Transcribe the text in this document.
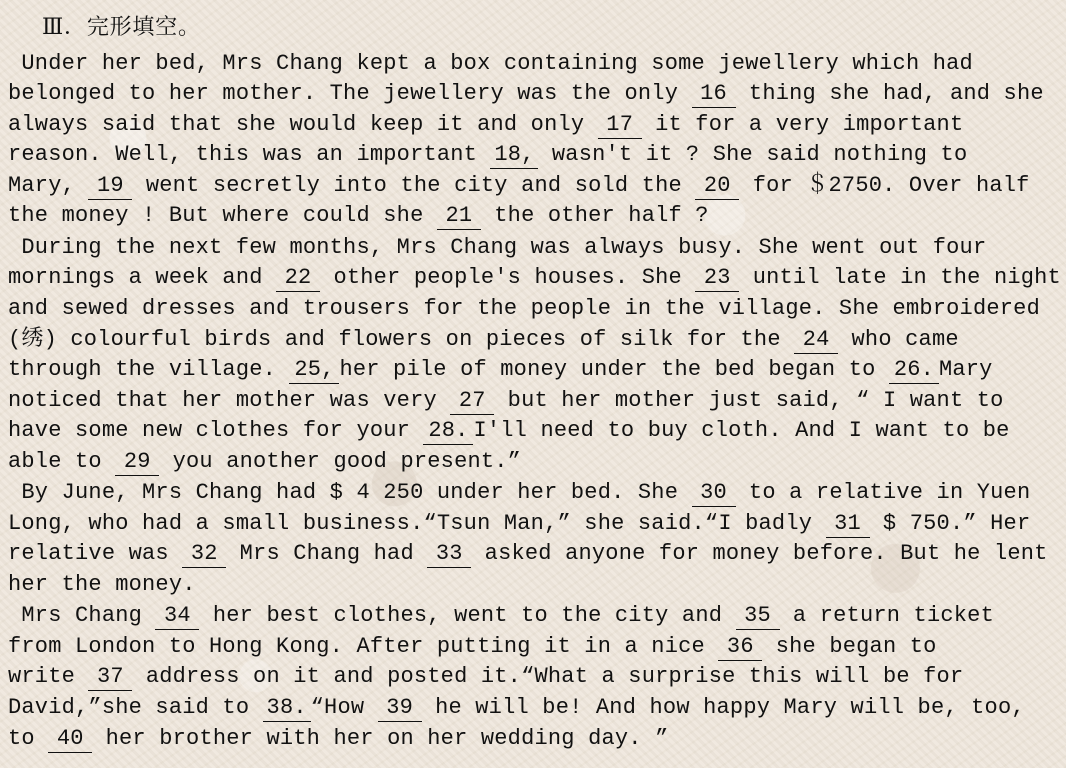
Ⅲ．完形填空。
Under her bed, Mrs Chang kept a box containing some jewellery which had
belonged to her mother. The jewellery was the only 16 thing she had, and she
always said that she would keep it and only 17 it for a very important
reason. Well, this was an important 18, wasn't it ? She said nothing to
Mary, 19 went secretly into the city and sold the 20 for ＄2750. Over half
the money ! But where could she 21 the other half ?
During the next few months, Mrs Chang was always busy. She went out four
mornings a week and 22 other people's houses. She 23 until late in the night
and sewed dresses and trousers for the people in the village. She embroidered
(绣) colourful birds and flowers on pieces of silk for the 24 who came
through the village. 25, her pile of money under the bed began to 26. Mary
noticed that her mother was very 27 but her mother just said, “ I want to
have some new clothes for your 28. I'll need to buy cloth. And I want to be
able to 29 you another good present.”
By June, Mrs Chang had $ 4 250 under her bed. She 30 to a relative in Yuen
Long, who had a small business.“Tsun Man,” she said.“I badly 31 $ 750.” Her
relative was 32 Mrs Chang had 33 asked anyone for money before. But he lent
her the money.
Mrs Chang 34 her best clothes, went to the city and 35 a return ticket
from London to Hong Kong. After putting it in a nice 36 she began to
write 37 address on it and posted it.“What a surprise this will be for
David,”she said to 38. “How 39 he will be! And how happy Mary will be, too,
to 40 her brother with her on her wedding day. ”
